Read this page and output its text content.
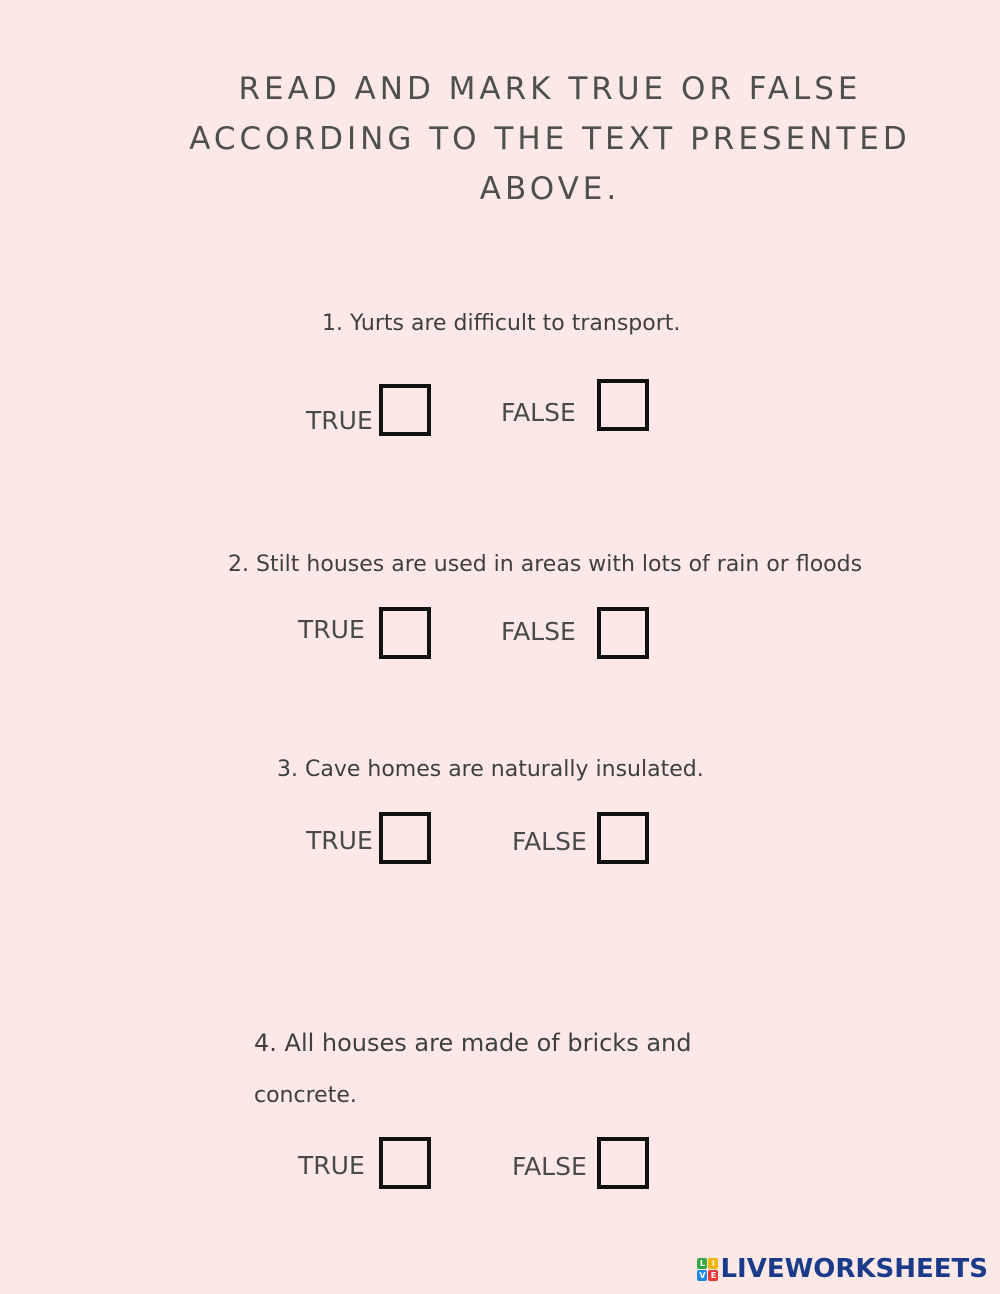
READ AND MARK TRUE OR FALSE
ACCORDING TO THE TEXT PRESENTED
ABOVE.
1. Yurts are difficult to transport.
TRUE	FALSE
2. Stilt houses are used in areas with lots of rain or floods
TRUE	FALSE
3. Cave homes are naturally insulated.
TRUE	FALSE
4. All houses are made of bricks and
concrete.
TRUE	FALSE
L I
V E LIVEWORKSHEETS
